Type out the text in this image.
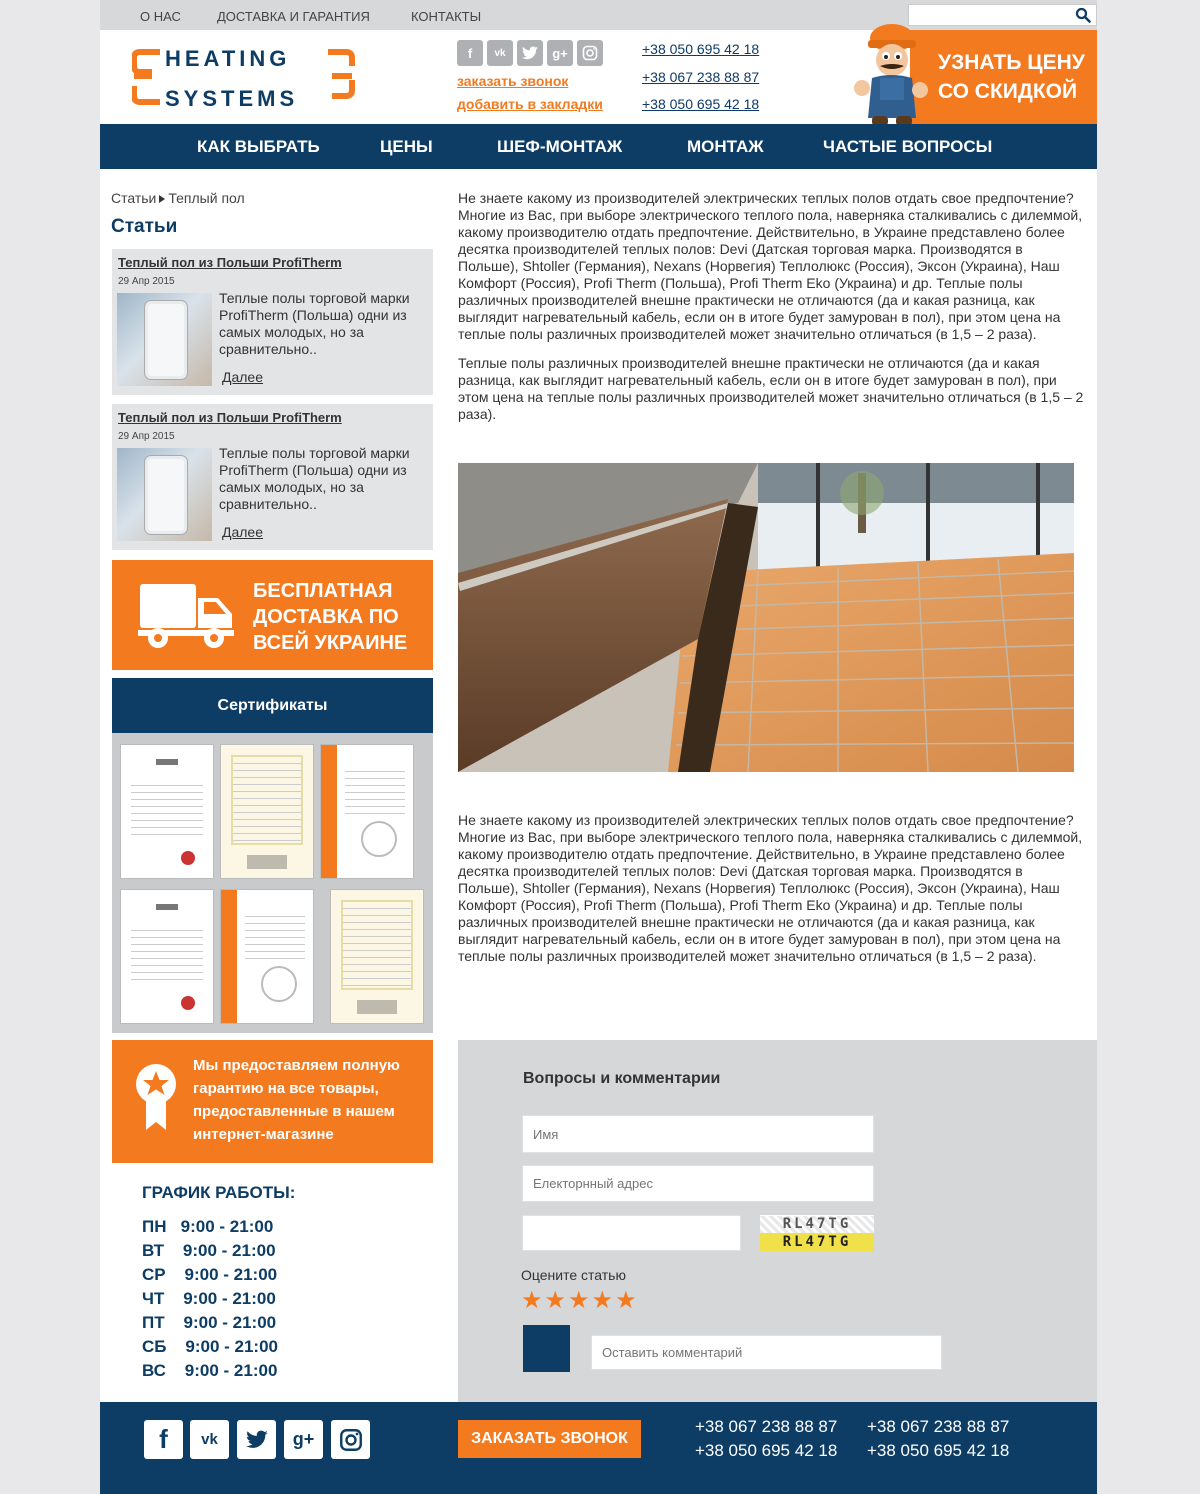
О НАС	ДОСТАВКА И ГАРАНТИЯ	КОНТАКТЫ
HEATING
SYSTEMS
f	vk	g+
заказать звонок
добавить в закладки
+38 050 695 42 18
+38 067 238 88 87
+38 050 695 42 18
УЗНАТЬ ЦЕНУ
СО СКИДКОЙ
КАК ВЫБРАТЬ	ЦЕНЫ	ШЕФ-МОНТАЖ	МОНТАЖ	ЧАСТЫЕ ВОПРОСЫ
Статьи Теплый пол
Статьи
Теплый пол из Польши ProfiTherm
29 Апр 2015
Теплые полы торговой марки ProfiTherm (Польша) одни из самых молодых, но за сравнительно..
Далее
Теплый пол из Польши ProfiTherm
29 Апр 2015
Теплые полы торговой марки ProfiTherm (Польша) одни из самых молодых, но за сравнительно..
Далее
БЕСПЛАТНАЯ
ДОСТАВКА ПО
ВСЕЙ УКРАИНЕ
Сертификаты
Мы предоставляем полную гарантию на все товары, предоставленные в нашем интернет-магазине
ГРАФИК РАБОТЫ:
ПН   9:00 - 21:00
ВТ    9:00 - 21:00
СР    9:00 - 21:00
ЧТ    9:00 - 21:00
ПТ    9:00 - 21:00
СБ    9:00 - 21:00
ВС    9:00 - 21:00
Не знаете какому из производителей электрических теплых полов отдать свое предпочтение? Многие из Вас, при выборе электрического теплого пола, наверняка сталкивались с дилеммой, какому производителю отдать предпочтение. Действительно, в Украине представлено более десятка производителей теплых полов: Devi (Датская торговая марка. Производятся в Польше), Shtoller (Германия), Nexans (Норвегия) Теплолюкс (Россия), Эксон (Украина), Наш Комфорт (Россия), Profi Therm (Польша), Profi Therm Eko (Украина) и др. Теплые полы различных производителей внешне практически не отличаются (да и какая разница, как выглядит нагревательный кабель, если он в итоге будет замурован в пол), при этом цена на теплые полы различных производителей может значительно отличаться (в 1,5 – 2 раза).
Теплые полы различных производителей внешне практически не отличаются (да и какая разница, как выглядит нагревательный кабель, если он в итоге будет замурован в пол), при этом цена на теплые полы различных производителей может значительно отличаться (в 1,5 – 2 раза).
Не знаете какому из производителей электрических теплых полов отдать свое предпочтение? Многие из Вас, при выборе электрического теплого пола, наверняка сталкивались с дилеммой, какому производителю отдать предпочтение. Действительно, в Украине представлено более десятка производителей теплых полов: Devi (Датская торговая марка. Производятся в Польше), Shtoller (Германия), Nexans (Норвегия) Теплолюкс (Россия), Эксон (Украина), Наш Комфорт (Россия), Profi Therm (Польша), Profi Therm Eko (Украина) и др. Теплые полы различных производителей внешне практически не отличаются (да и какая разница, как выглядит нагревательный кабель, если он в итоге будет замурован в пол), при этом цена на теплые полы различных производителей может значительно отличаться (в 1,5 – 2 раза).
Вопросы и комментарии
Имя
Електорнный адрес
RL47TG
RL47TG
Оцените статью
★ ★ ★ ★ ★
Оставить комментарий
f	vk	g+	ЗАКАЗАТЬ ЗВОНОК
+38 067 238 88 87
+38 050 695 42 18
+38 067 238 88 87
+38 050 695 42 18
